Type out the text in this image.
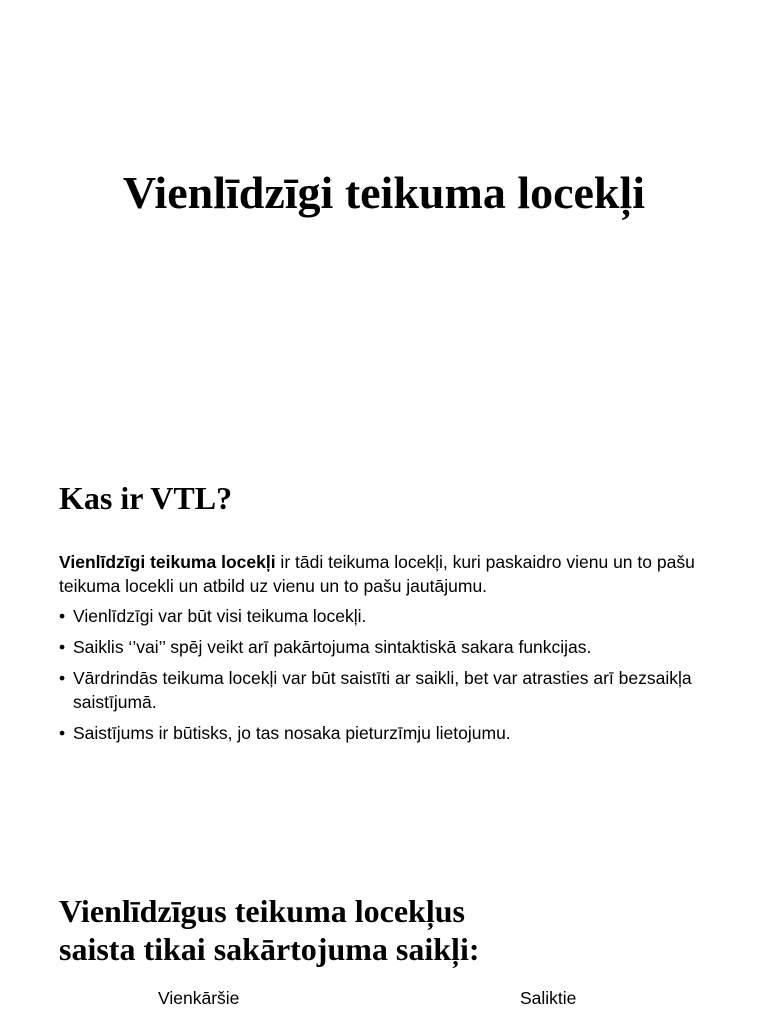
Vienlīdzīgi teikuma locekļi
Kas ir VTL?

Vienlīdzīgi teikuma locekļi ir tādi teikuma locekļi, kuri paskaidro vienu un to pašu teikuma locekli un atbild uz vienu un to pašu jautājumu.

• Vienlīdzīgi var būt visi teikuma locekļi.
• Saiklis ‘’vai’’ spēj veikt arī pakārtojuma sintaktiskā sakara funkcijas.
• Vārdrindās teikuma locekļi var būt saistīti ar saikli, bet var atrasties arī bezsaikļa saistījumā.
• Saistījums ir būtisks, jo tas nosaka pieturzīmju lietojumu.
Vienlīdzīgus teikuma locekļus
saista tikai sakārtojuma saikļi:
Vienkāršie	Saliktie
